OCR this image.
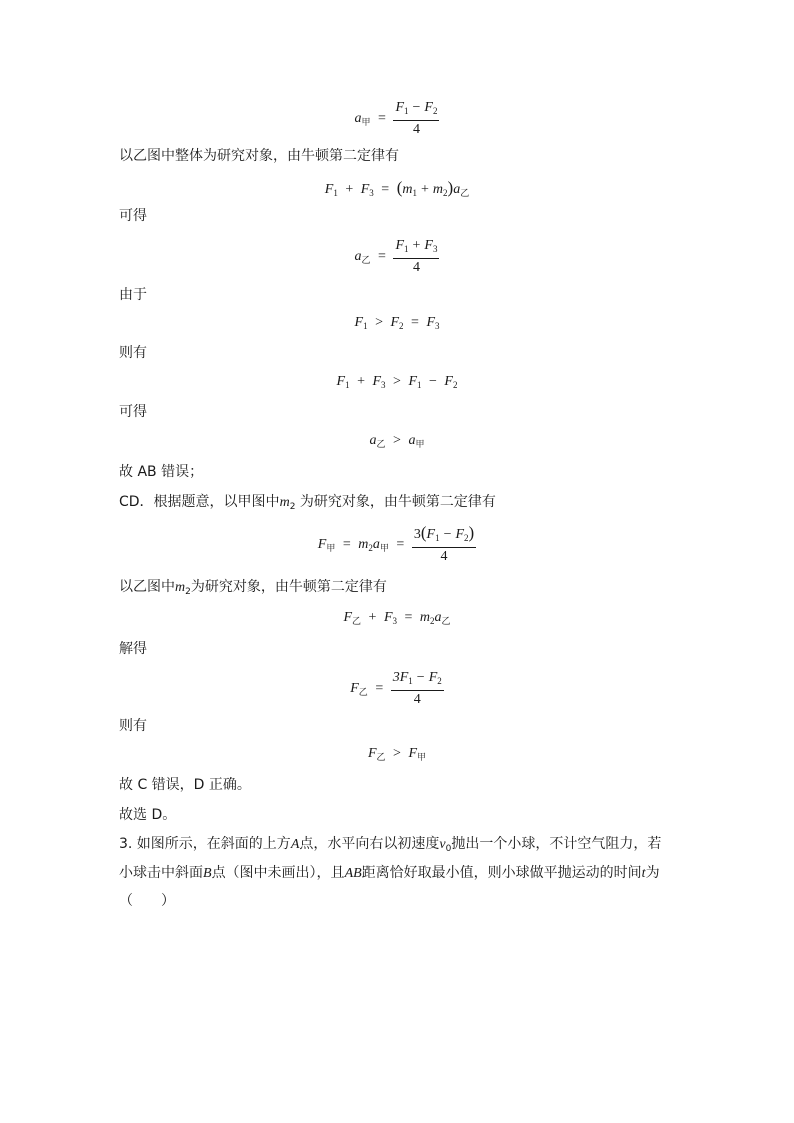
$a_甲 = \frac{F_1 - F_2}{4}$
以乙图中整体为研究对象，由牛顿第二定律有
$F_1 + F_3 = (m_1 + m_2)a_乙$
可得
$a_乙 = \frac{F_1 + F_3}{4}$
由于
$F_1 > F_2 = F_3$
则有
$F_1 + F_3 > F_1 - F_2$
可得
$a_乙 > a_甲$
故 AB 错误；
CD．根据题意，以甲图中$m_2$ 为研究对象，由牛顿第二定律有
$F_甲 = m_2a_甲 = \frac{3(F_1 - F_2)}{4}$
以乙图中$m_2$为研究对象，由牛顿第二定律有
$F_乙 + F_3 = m_2a_乙$
解得
$F_乙 = \frac{3F_1 - F_2}{4}$
则有
$F_乙 > F_甲$
故 C 错误，D 正确。
故选 D。
3. 如图所示，在斜面的上方A点，水平向右以初速度$v_0$抛出一个小球，不计空气阻力，若
小球击中斜面B点（图中未画出），且AB距离恰好取最小值，则小球做平抛运动的时间t为
（　　）
